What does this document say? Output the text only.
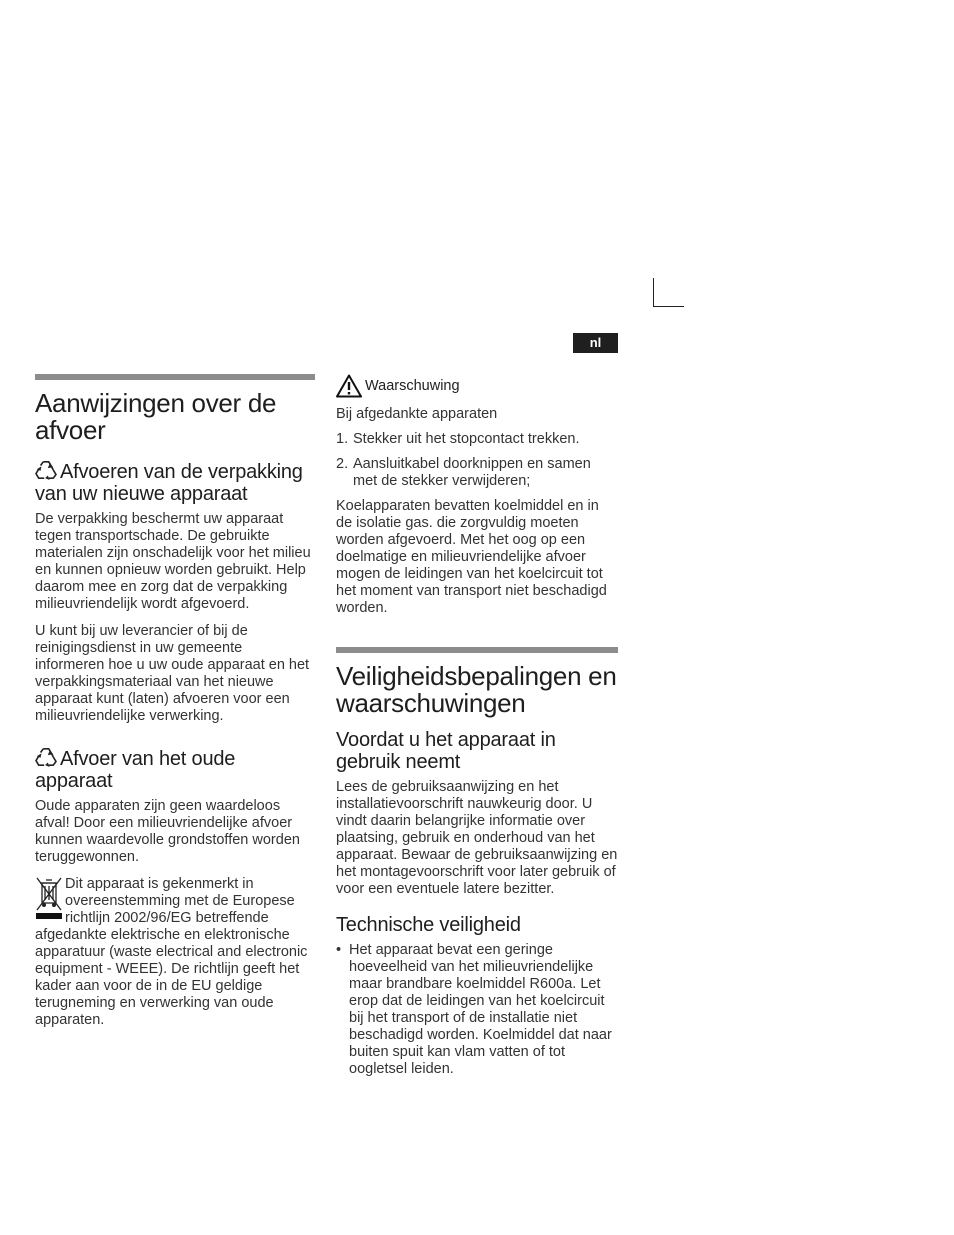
nl
Aanwijzingen over de afvoer
Afvoeren van de verpakking van uw nieuwe apparaat

De verpakking beschermt uw apparaat tegen transportschade. De gebruikte materialen zijn onschadelijk voor het milieu en kunnen opnieuw worden gebruikt. Help daarom mee en zorg dat de verpakking milieuvriendelijk wordt afgevoerd.

U kunt bij uw leverancier of bij de reinigingsdienst in uw gemeente informeren hoe u uw oude apparaat en het verpakkingsmateriaal van het nieuwe apparaat kunt (laten) afvoeren voor een milieuvriendelijke verwerking.

Afvoer van het oude apparaat

Oude apparaten zijn geen waardeloos afval! Door een milieuvriendelijke afvoer kunnen waardevolle grondstoffen worden teruggewonnen.

Dit apparaat is gekenmerkt in overeenstemming met de Europese richtlijn 2002/96/EG betreffende afgedankte elektrische en elektronische apparatuur (waste electrical and electronic equipment - WEEE). De richtlijn geeft het kader aan voor de in de EU geldige terugneming en verwerking van oude apparaten.

Waarschuwing

Bij afgedankte apparaten

1. Stekker uit het stopcontact trekken.
2. Aansluitkabel doorknippen en samen met de stekker verwijderen;

Koelapparaten bevatten koelmiddel en in de isolatie gas. die zorgvuldig moeten worden afgevoerd. Met het oog op een doelmatige en milieuvriendelijke afvoer mogen de leidingen van het koelcircuit tot het moment van transport niet beschadigd worden.

Veiligheidsbepalingen en waarschuwingen
Voordat u het apparaat in gebruik neemt

Lees de gebruiksaanwijzing en het installatievoorschrift nauwkeurig door. U vindt daarin belangrijke informatie over plaatsing, gebruik en onderhoud van het apparaat. Bewaar de gebruiksaanwijzing en het montagevoorschrift voor later gebruik of voor een eventuele latere bezitter.

Technische veiligheid
• Het apparaat bevat een geringe hoeveelheid van het milieuvriendelijke maar brandbare koelmiddel R600a. Let erop dat de leidingen van het koelcircuit bij het transport of de installatie niet beschadigd worden. Koelmiddel dat naar buiten spuit kan vlam vatten of tot oogletsel leiden.
